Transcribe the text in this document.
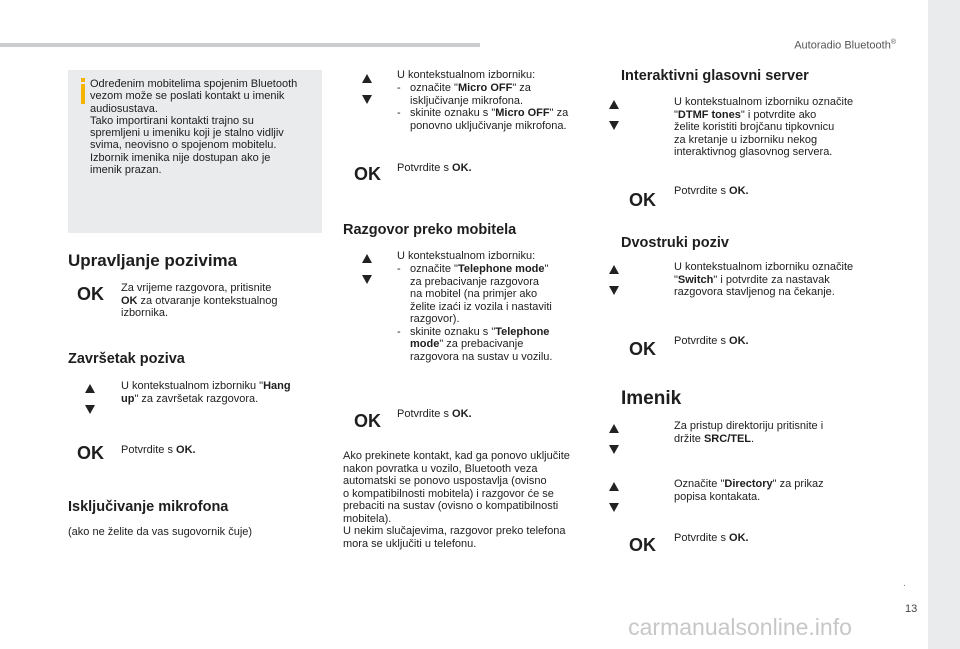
Autoradio Bluetooth®
.
13
carmanualsonline.info
Određenim mobitelima spojenim Bluetooth
vezom može se poslati kontakt u imenik
audiosustava.
Tako importirani kontakti trajno su
spremljeni u imeniku koji je stalno vidljiv
svima, neovisno o spojenom mobitelu.
Izbornik imenika nije dostupan ako je
imenik prazan.
Upravljanje pozivima
OK Za vrijeme razgovora, pritisnite
OK za otvaranje kontekstualnog
izbornika.
Završetak poziva
U kontekstualnom izborniku "Hang
up" za završetak razgovora.
OK Potvrdite s OK.
Isključivanje mikrofona
(ako ne želite da vas sugovornik čuje)
U kontekstualnom izborniku:
- označite "Micro OFF" za
isključivanje mikrofona.
- skinite oznaku s "Micro OFF" za
ponovno uključivanje mikrofona.
OK Potvrdite s OK.
Razgovor preko mobitela
U kontekstualnom izborniku:
- označite "Telephone mode"
za prebacivanje razgovora
na mobitel (na primjer ako
želite izaći iz vozila i nastaviti
razgovor).
- skinite oznaku s "Telephone
mode" za prebacivanje
razgovora na sustav u vozilu.
OK Potvrdite s OK.
Ako prekinete kontakt, kad ga ponovo uključite
nakon povratka u vozilo, Bluetooth veza
automatski se ponovo uspostavlja (ovisno
o kompatibilnosti mobitela) i razgovor će se
prebaciti na sustav (ovisno o kompatibilnosti
mobitela).
U nekim slučajevima, razgovor preko telefona
mora se uključiti u telefonu.
Interaktivni glasovni server
U kontekstualnom izborniku označite
"DTMF tones" i potvrdite ako
želite koristiti brojčanu tipkovnicu
za kretanje u izborniku nekog
interaktivnog glasovnog servera.
OK Potvrdite s OK.
Dvostruki poziv
U kontekstualnom izborniku označite
"Switch" i potvrdite za nastavak
razgovora stavljenog na čekanje.
OK Potvrdite s OK.
Imenik
Za pristup direktoriju pritisnite i
držite SRC/TEL.
Označite "Directory" za prikaz
popisa kontakata.
OK Potvrdite s OK.
